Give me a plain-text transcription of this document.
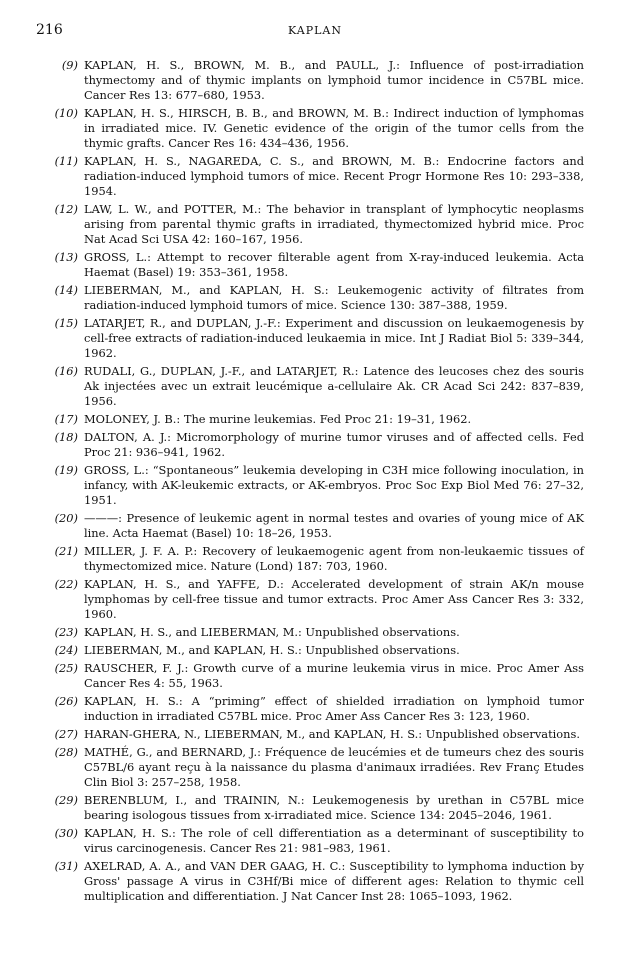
216	KAPLAN
(9) KAPLAN, H. S., BROWN, M. B., and PAULL, J.: Influence of post-irradiation thymectomy and of thymic implants on lymphoid tumor incidence in C57BL mice. Cancer Res 13: 677–680, 1953.
(10) KAPLAN, H. S., HIRSCH, B. B., and BROWN, M. B.: Indirect induction of lymphomas in irradiated mice. IV. Genetic evidence of the origin of the tumor cells from the thymic grafts. Cancer Res 16: 434–436, 1956.
(11) KAPLAN, H. S., NAGAREDA, C. S., and BROWN, M. B.: Endocrine factors and radiation-induced lymphoid tumors of mice. Recent Progr Hormone Res 10: 293–338, 1954.
(12) LAW, L. W., and POTTER, M.: The behavior in transplant of lymphocytic neoplasms arising from parental thymic grafts in irradiated, thymectomized hybrid mice. Proc Nat Acad Sci USA 42: 160–167, 1956.
(13) GROSS, L.: Attempt to recover filterable agent from X-ray-induced leukemia. Acta Haemat (Basel) 19: 353–361, 1958.
(14) LIEBERMAN, M., and KAPLAN, H. S.: Leukemogenic activity of filtrates from radiation-induced lymphoid tumors of mice. Science 130: 387–388, 1959.
(15) LATARJET, R., and DUPLAN, J.-F.: Experiment and discussion on leukaemogenesis by cell-free extracts of radiation-induced leukaemia in mice. Int J Radiat Biol 5: 339–344, 1962.
(16) RUDALI, G., DUPLAN, J.-F., and LATARJET, R.: Latence des leucoses chez des souris Ak injectées avec un extrait leucémique a-cellulaire Ak. CR Acad Sci 242: 837–839, 1956.
(17) MOLONEY, J. B.: The murine leukemias. Fed Proc 21: 19–31, 1962.
(18) DALTON, A. J.: Micromorphology of murine tumor viruses and of affected cells. Fed Proc 21: 936–941, 1962.
(19) GROSS, L.: “Spontaneous” leukemia developing in C3H mice following inoculation, in infancy, with AK-leukemic extracts, or AK-embryos. Proc Soc Exp Biol Med 76: 27–32, 1951.
(20) ———: Presence of leukemic agent in normal testes and ovaries of young mice of AK line. Acta Haemat (Basel) 10: 18–26, 1953.
(21) MILLER, J. F. A. P.: Recovery of leukaemogenic agent from non-leukaemic tissues of thymectomized mice. Nature (Lond) 187: 703, 1960.
(22) KAPLAN, H. S., and YAFFE, D.: Accelerated development of strain AK/n mouse lymphomas by cell-free tissue and tumor extracts. Proc Amer Ass Cancer Res 3: 332, 1960.
(23) KAPLAN, H. S., and LIEBERMAN, M.: Unpublished observations.
(24) LIEBERMAN, M., and KAPLAN, H. S.: Unpublished observations.
(25) RAUSCHER, F. J.: Growth curve of a murine leukemia virus in mice. Proc Amer Ass Cancer Res 4: 55, 1963.
(26) KAPLAN, H. S.: A “priming” effect of shielded irradiation on lymphoid tumor induction in irradiated C57BL mice. Proc Amer Ass Cancer Res 3: 123, 1960.
(27) HARAN-GHERA, N., LIEBERMAN, M., and KAPLAN, H. S.: Unpublished observations.
(28) MATHÉ, G., and BERNARD, J.: Fréquence de leucémies et de tumeurs chez des souris C57BL/6 ayant reçu à la naissance du plasma d'animaux irradiées. Rev Franç Etudes Clin Biol 3: 257–258, 1958.
(29) BERENBLUM, I., and TRAININ, N.: Leukemogenesis by urethan in C57BL mice bearing isologous tissues from x-irradiated mice. Science 134: 2045–2046, 1961.
(30) KAPLAN, H. S.: The role of cell differentiation as a determinant of susceptibility to virus carcinogenesis. Cancer Res 21: 981–983, 1961.
(31) AXELRAD, A. A., and VAN DER GAAG, H. C.: Susceptibility to lymphoma induction by Gross' passage A virus in C3Hf/Bi mice of different ages: Relation to thymic cell multiplication and differentiation. J Nat Cancer Inst 28: 1065–1093, 1962.
